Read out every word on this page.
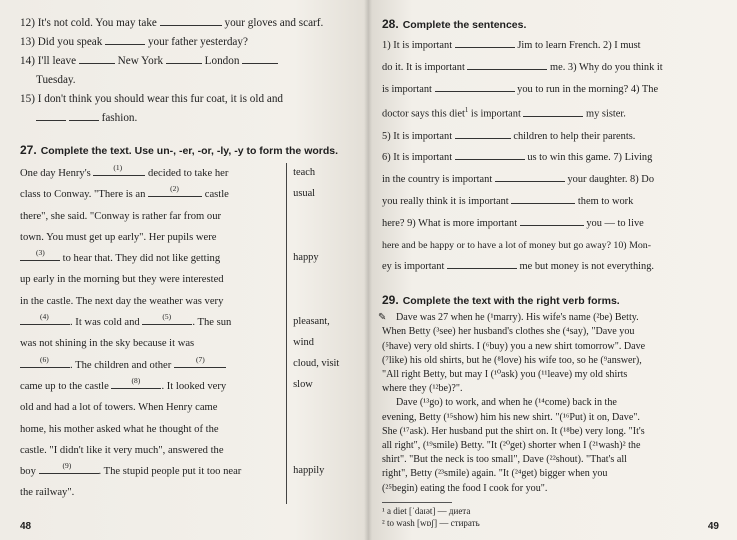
12) It's not cold. You may take	your gloves and scarf.

13) Did you speak	your father yesterday?

14) I'll leave	New York	London

Tuesday.

15) I don't think you should wear this fur coat, it is old and

fashion.

27. Complete the text. Use un-, -er, -or, -ly, -y to form the words.

One day Henry's
(1)
decided to take her

class to Conway. "There is an
(2)
castle

there", she said. "Conway is rather far from our

town. You must get up early". Her pupils were

(3)
to hear that. They did not like getting

up early in the morning but they were interested

in the castle. The next day the weather was very

(4)
. It was cold and
(5)
. The sun

was not shining in the sky because it was

(6)
. The children and other
(7)

came up to the castle
(8)
. It looked very

old and had a lot of towers. When Henry came

home, his mother asked what he thought of the

castle. "I didn't like it very much", answered the

boy
(9)
. The stupid people put it too near

the railway".

teach
usual
happy
pleasant,
wind
cloud, visit
slow
happily
48

28. Complete the sentences.

1) It is important	Jim to learn French. 2) I must

do it. It is important	me. 3) Why do you think it

is important	you to run in the morning? 4) The

doctor says this diet$^1$ is important	my sister.

5) It is important	children to help their parents.

6) It is important	us to win this game. 7) Living

in the country is important	your daughter. 8) Do

you really think it is important	them to work

here? 9) What is more important	you — to live

here and be happy or to have a lot of money but go away? 10) Mon-

ey is important	me but money is not everything.

29. Complete the text with the right verb forms.

✎ Dave was 27 when he (¹marry). His wife's name (²be) Betty.

When Betty (³see) her husband's clothes she (⁴say), "Dave you

(⁵have) very old shirts. I (⁶buy) you a new shirt tomorrow". Dave

(⁷like) his old shirts, but he (⁸love) his wife too, so he (⁹answer),

"All right Betty, but may I (¹⁰ask) you (¹¹leave) my old shirts

where they (¹²be)?".

Dave (¹³go) to work, and when he (¹⁴come) back in the

evening, Betty (¹⁵show) him his new shirt. "(¹⁶Put) it on, Dave".

She (¹⁷ask). Her husband put the shirt on. It (¹⁸be) very long. "It's

all right", (¹⁹smile) Betty. "It (²⁰get) shorter when I (²¹wash)² the

shirt". "But the neck is too small", Dave (²²shout). "That's all

right", Betty (²³smile) again. "It (²⁴get) bigger when you

(²⁵begin) eating the food I cook for you".

¹ a diet [ˈdaɪət] — диета
² to wash [wɒʃ] — стирать	49
